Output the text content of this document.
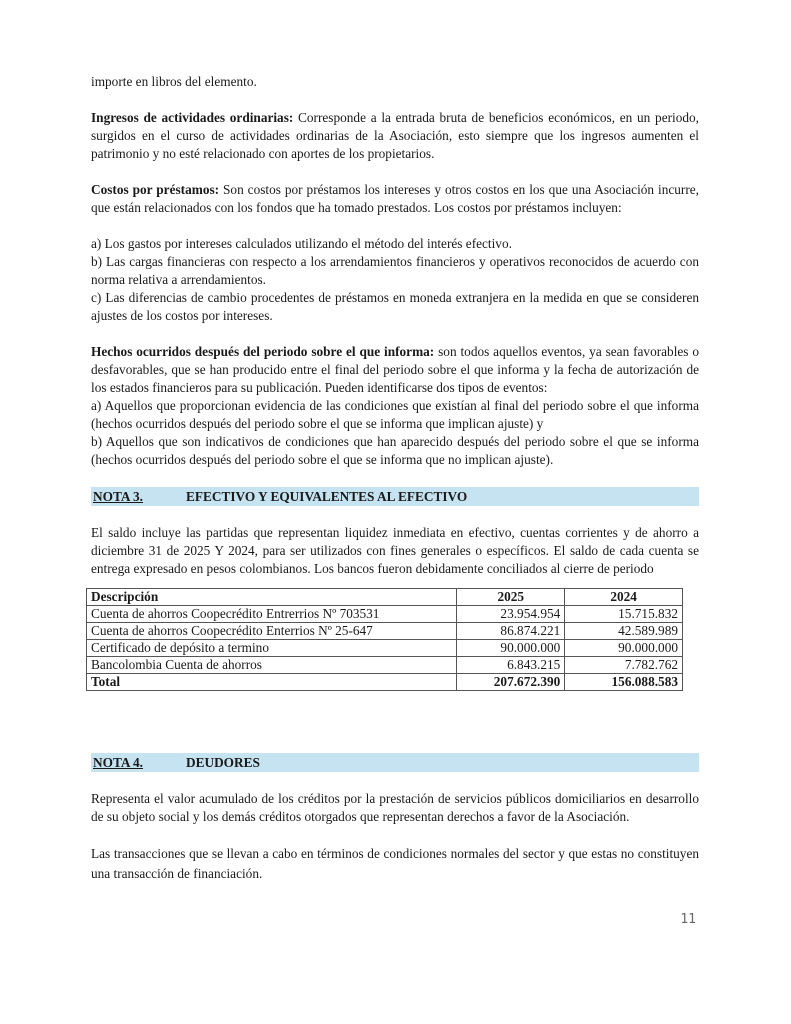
importe en libros del elemento.

Ingresos de actividades ordinarias: Corresponde a la entrada bruta de beneficios económicos, en un periodo, surgidos en el curso de actividades ordinarias de la Asociación, esto siempre que los ingresos aumenten el patrimonio y no esté relacionado con aportes de los propietarios.

Costos por préstamos: Son costos por préstamos los intereses y otros costos en los que una Asociación incurre, que están relacionados con los fondos que ha tomado prestados. Los costos por préstamos incluyen:

a) Los gastos por intereses calculados utilizando el método del interés efectivo.

b) Las cargas financieras con respecto a los arrendamientos financieros y operativos reconocidos de acuerdo con norma relativa a arrendamientos.

c) Las diferencias de cambio procedentes de préstamos en moneda extranjera en la medida en que se consideren ajustes de los costos por intereses.

Hechos ocurridos después del periodo sobre el que informa: son todos aquellos eventos, ya sean favorables o desfavorables, que se han producido entre el final del periodo sobre el que informa y la fecha de autorización de los estados financieros para su publicación. Pueden identificarse dos tipos de eventos:

a) Aquellos que proporcionan evidencia de las condiciones que existían al final del periodo sobre el que informa (hechos ocurridos después del periodo sobre el que se informa que implican ajuste) y

b) Aquellos que son indicativos de condiciones que han aparecido después del periodo sobre el que se informa (hechos ocurridos después del periodo sobre el que se informa que no implican ajuste).

NOTA 3.	EFECTIVO Y EQUIVALENTES AL EFECTIVO

El saldo incluye las partidas que representan liquidez inmediata en efectivo, cuentas corrientes y de ahorro a diciembre 31 de 2025 Y 2024, para ser utilizados con fines generales o específicos. El saldo de cada cuenta se entrega expresado en pesos colombianos. Los bancos fueron debidamente conciliados al cierre de periodo

Descripción	2025	2024
Cuenta de ahorros Coopecrédito Entrerrios Nº 703531	23.954.954	15.715.832
Cuenta de ahorros Coopecrédito Enterrios Nº 25-647	86.874.221	42.589.989
Certificado de depósito a termino	90.000.000	90.000.000
Bancolombia Cuenta de ahorros	6.843.215	7.782.762
Total	207.672.390	156.088.583
NOTA 4.	DEUDORES

Representa el valor acumulado de los créditos por la prestación de servicios públicos domiciliarios en desarrollo de su objeto social y los demás créditos otorgados que representan derechos a favor de la Asociación.

Las transacciones que se llevan a cabo en términos de condiciones normales del sector y que estas no constituyen una transacción de financiación.

11
